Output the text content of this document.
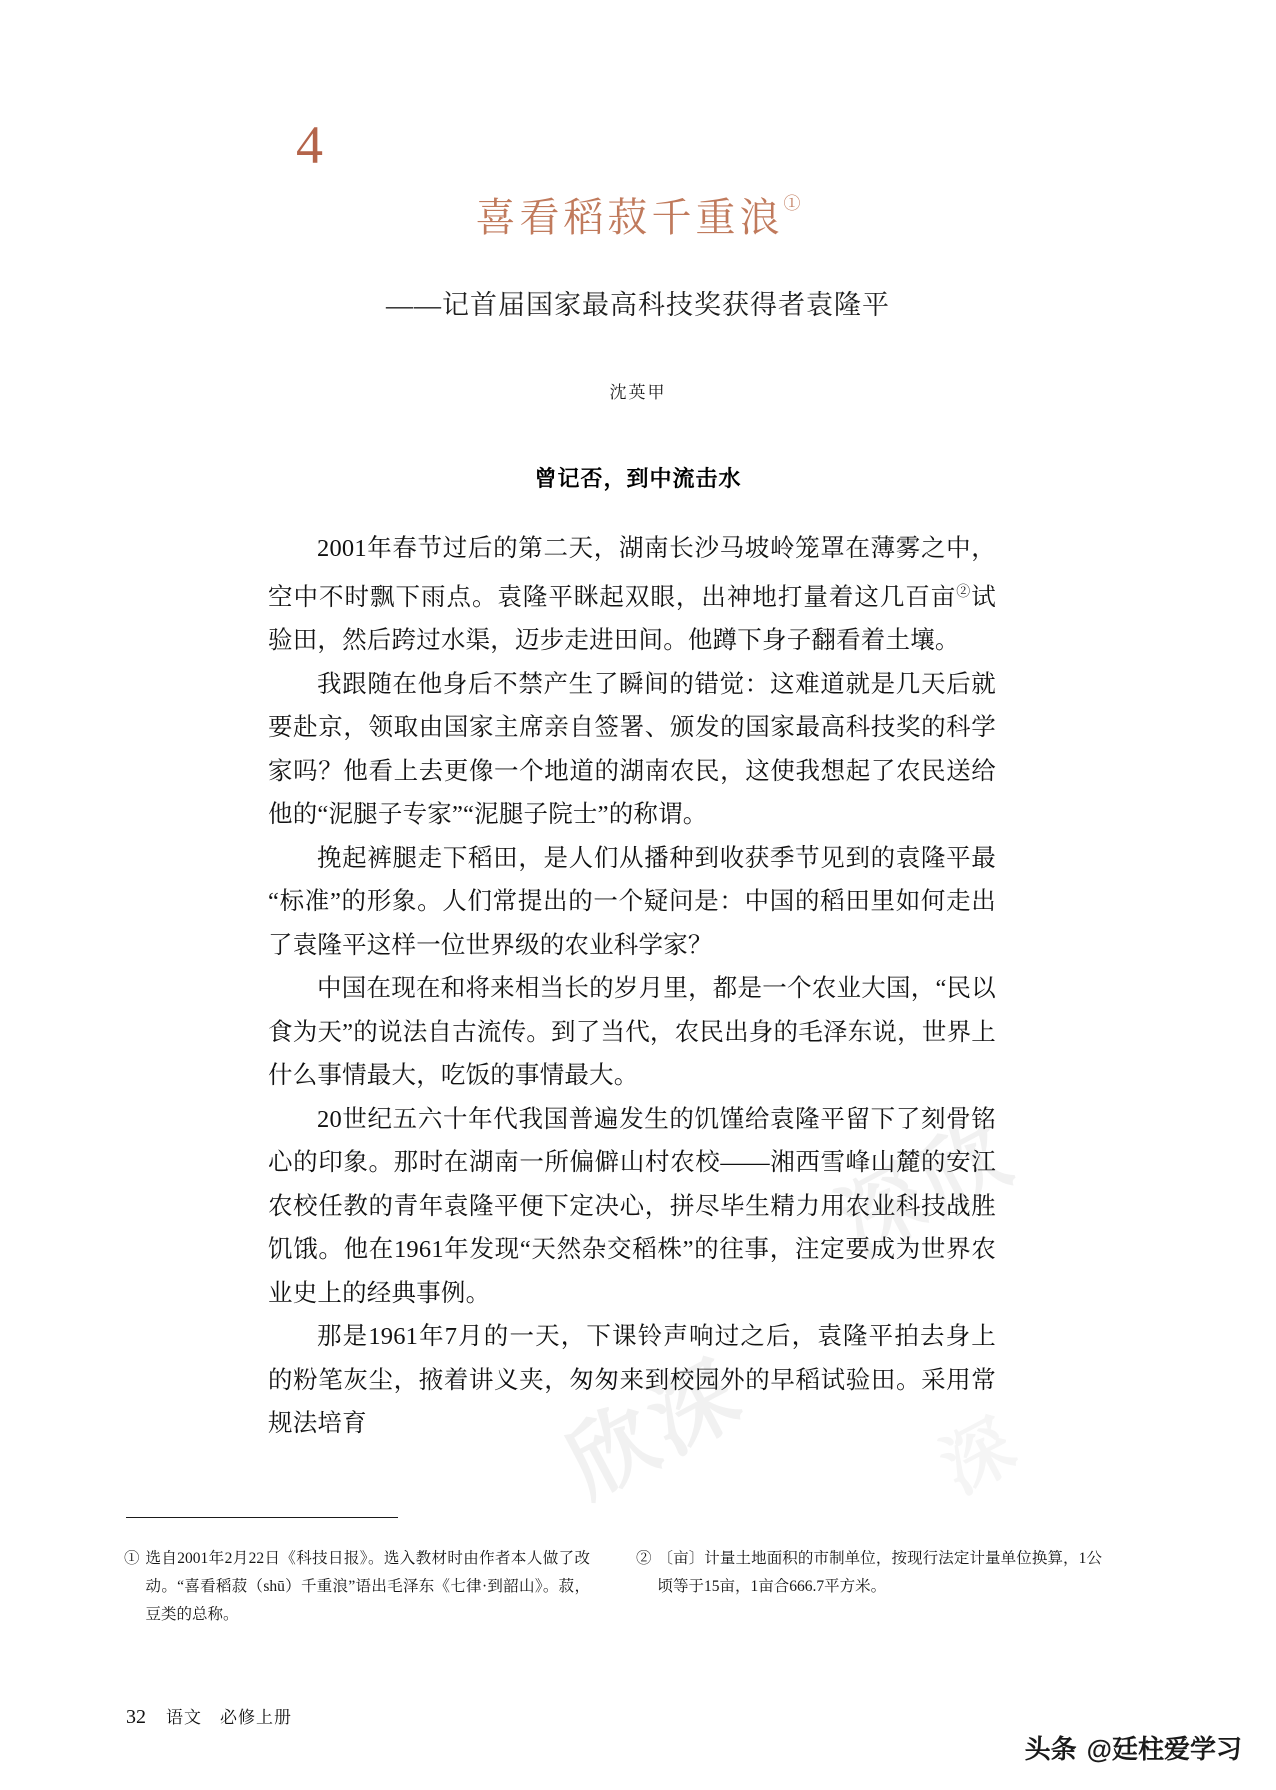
深欣
欣深 深
4
喜看稻菽千重浪①
——记首届国家最高科技奖获得者袁隆平
沈英甲
曾记否，到中流击水

2001年春节过后的第二天，湖南长沙马坡岭笼罩在薄雾之中，空中不时飘下雨点。袁隆平眯起双眼，出神地打量着这几百亩②试验田，然后跨过水渠，迈步走进田间。他蹲下身子翻看着土壤。

我跟随在他身后不禁产生了瞬间的错觉：这难道就是几天后就要赴京，领取由国家主席亲自签署、颁发的国家最高科技奖的科学家吗？他看上去更像一个地道的湖南农民，这使我想起了农民送给他的“泥腿子专家”“泥腿子院士”的称谓。

挽起裤腿走下稻田，是人们从播种到收获季节见到的袁隆平最“标准”的形象。人们常提出的一个疑问是：中国的稻田里如何走出了袁隆平这样一位世界级的农业科学家？

中国在现在和将来相当长的岁月里，都是一个农业大国，“民以食为天”的说法自古流传。到了当代，农民出身的毛泽东说，世界上什么事情最大，吃饭的事情最大。

20世纪五六十年代我国普遍发生的饥馑给袁隆平留下了刻骨铭心的印象。那时在湖南一所偏僻山村农校——湘西雪峰山麓的安江农校任教的青年袁隆平便下定决心，拼尽毕生精力用农业科技战胜饥饿。他在1961年发现“天然杂交稻株”的往事，注定要成为世界农业史上的经典事例。

那是1961年7月的一天，下课铃声响过之后，袁隆平拍去身上的粉笔灰尘，掖着讲义夹，匆匆来到校园外的早稻试验田。采用常规法培育

① 选自2001年2月22日《科技日报》。选入教材时由作者本人做了改动。“喜看稻菽（shū）千重浪”语出毛泽东《七律·到韶山》。菽，豆类的总称。
② 〔亩〕计量土地面积的市制单位，按现行法定计量单位换算，1公顷等于15亩，1亩合666.7平方米。
32 语文　必修上册
头条 @廷柱爱学习
